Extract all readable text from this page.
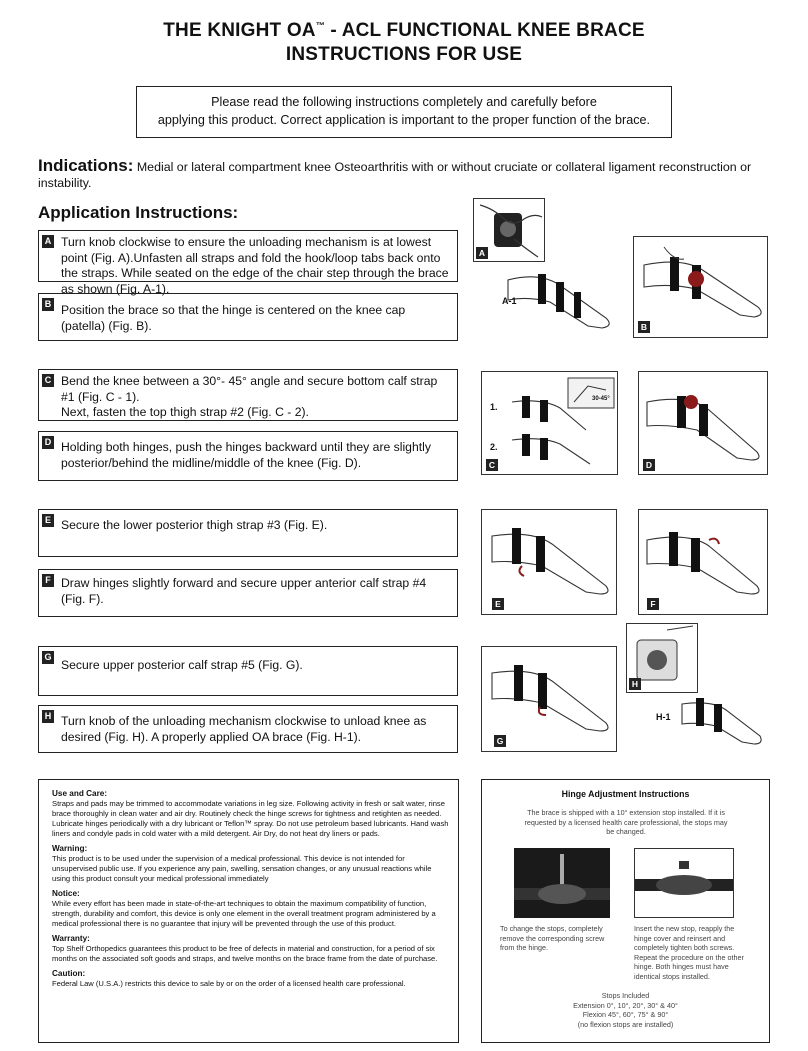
THE KNIGHT OA™ - ACL FUNCTIONAL KNEE BRACE
INSTRUCTIONS FOR USE
Please read the following instructions completely and carefully before
applying this product. Correct application is important to the proper function of the brace.
Indications: Medial or lateral compartment knee Osteoarthritis with or without cruciate or collateral ligament reconstruction or instability.
Application Instructions:
A Turn knob clockwise to ensure the unloading mechanism is at lowest point (Fig. A).Unfasten all straps and fold the hook/loop tabs back onto the straps. While seated on the edge of the chair step through the brace as shown (Fig. A-1).
B Position the brace so that the hinge is centered on the knee cap (patella) (Fig. B).
C Bend the knee between a 30°- 45° angle and secure bottom calf strap #1 (Fig. C - 1).
Next, fasten the top thigh strap #2 (Fig. C - 2).
D Holding both hinges, push the hinges backward until they are slightly posterior/behind the midline/middle of the knee (Fig. D).
E Secure the lower posterior thigh strap #3 (Fig. E).
F Draw hinges slightly forward and secure upper anterior calf strap #4 (Fig. F).
G
Secure upper posterior calf strap #5 (Fig. G).
H Turn knob of the unloading mechanism clockwise to unload knee as desired (Fig. H). A properly applied OA brace (Fig. H-1).
A
A-1
B
1.
2.
30-45°
C	D
E	F
H
H-1
G
Use and Care:
Straps and pads may be trimmed to accommodate variations in leg size. Following activity in fresh or salt water, rinse brace thoroughly in clean water and air dry. Routinely check the hinge screws for tightness and retighten as needed. Lubricate hinges periodically with a dry lubricant or Teflon™ spray. Do not use petroleum based lubricants. Hand wash liners and condyle pads in cold water with a mild detergent. Air Dry, do not heat dry liners or pads.
Warning:
This product is to be used under the supervision of a medical professional. This device is not intended for unsupervised public use. If you experience any pain, swelling, sensation changes, or any unusual reactions while using this product consult your medical professional immediately
Notice:
While every effort has been made in state-of-the-art techniques to obtain the maximum compatibility of function, strength, durability and comfort, this device is only one element in the overall treatment program administered by a medical professional there is no guarantee that injury will be prevented through the use of this product.
Warranty:
Top Shelf Orthopedics guarantees this product to be free of defects in material and construction, for a period of six months on the associated soft goods and straps, and twelve months on the brace frame from the date of purchase.
Caution:
Federal Law (U.S.A.) restricts this device to sale by or on the order of a licensed health care professional.
Hinge Adjustment Instructions
The brace is shipped with a 10° extension stop installed. If it is requested by a licensed health care professional, the stops may be changed.
To change the stops, completely remove the corresponding screw from the hinge.
Insert the new stop, reapply the hinge cover and reinsert and completely tighten both screws. Repeat the procedure on the other hinge. Both hinges must have identical stops installed.
Stops Included
Extension 0°, 10°, 20°, 30° & 40°
Flexion 45°, 60°, 75° & 90°
(no flexion stops are installed)
